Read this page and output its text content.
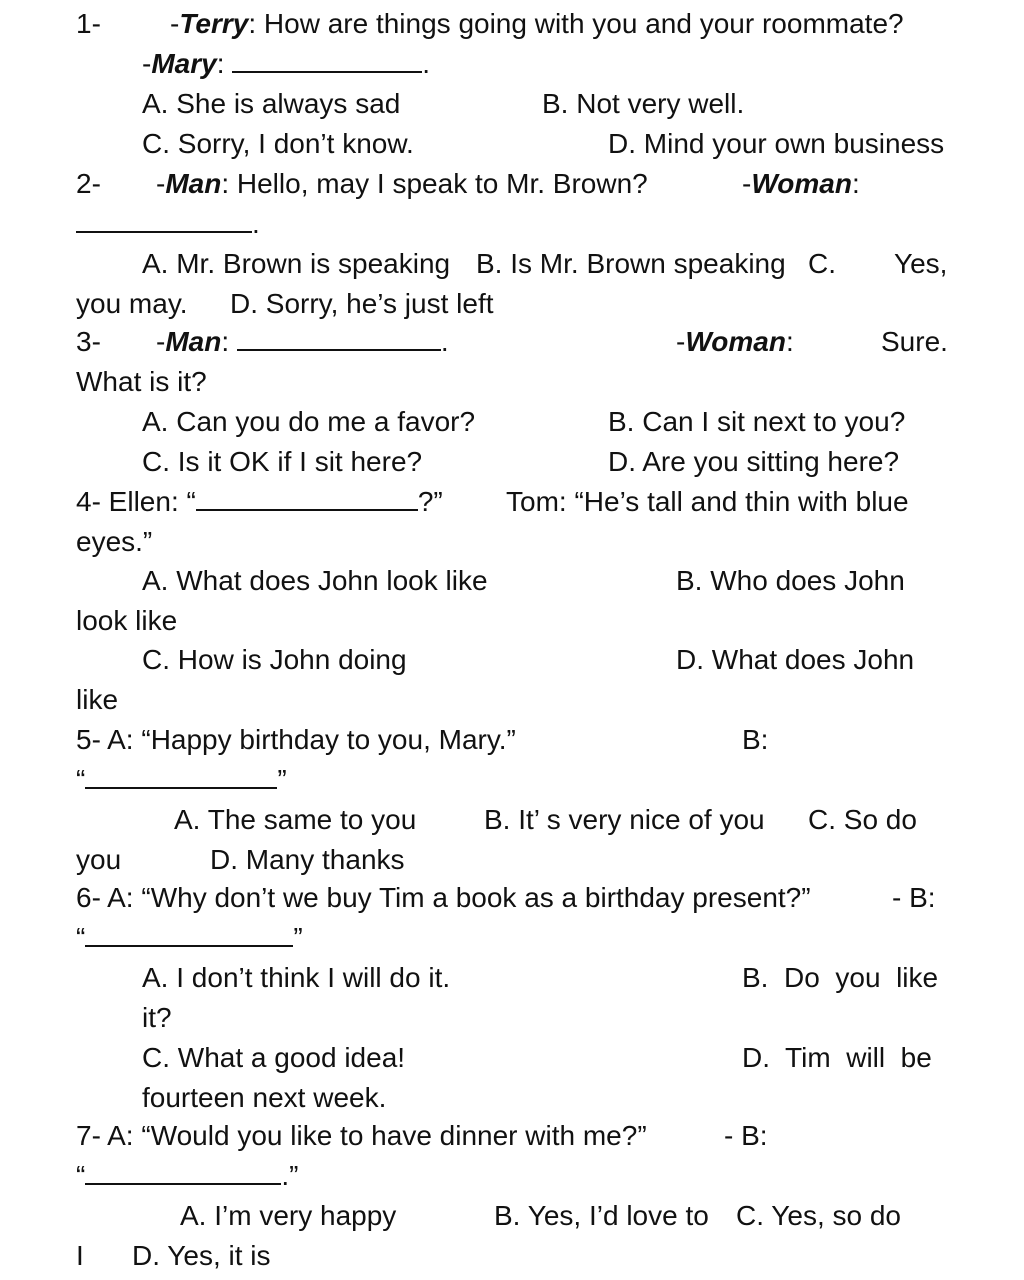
1- -Terry: How are things going with you and your roommate?
-Mary:	.
A. She is always sad	B. Not very well.
C. Sorry, I don’t know.	D. Mind your own business
2- -Man: Hello, may I speak to Mr. Brown?	-Woman:
.
A. Mr. Brown is speaking B. Is Mr. Brown speaking C. Yes,
you may. D. Sorry, he’s just left
3- -Man:	.	-Woman:	Sure.
What is it?
A. Can you do me a favor?	B. Can I sit next to you?
C. Is it OK if I sit here?	D. Are you sitting here?
4- Ellen: “	?” Tom: “He’s tall and thin with blue
eyes.”
A. What does John look like	B. Who does John
look like
C. How is John doing	D. What does John
like
5- A: “Happy birthday to you, Mary.”	B:
“	”
A. The same to you B. It’ s very nice of you C. So do
you	D. Many thanks
6- A: “Why don’t we buy Tim a book as a birthday present?”	- B:
“	”
A. I don’t think I will do it.	B.  Do  you  like
it?
C. What a good idea!	D.  Tim  will  be
fourteen next week.
7- A: “Would you like to have dinner with me?”	- B:
“	.”
A. I’m very happy	B. Yes, I’d love to C. Yes, so do
I D. Yes, it is
